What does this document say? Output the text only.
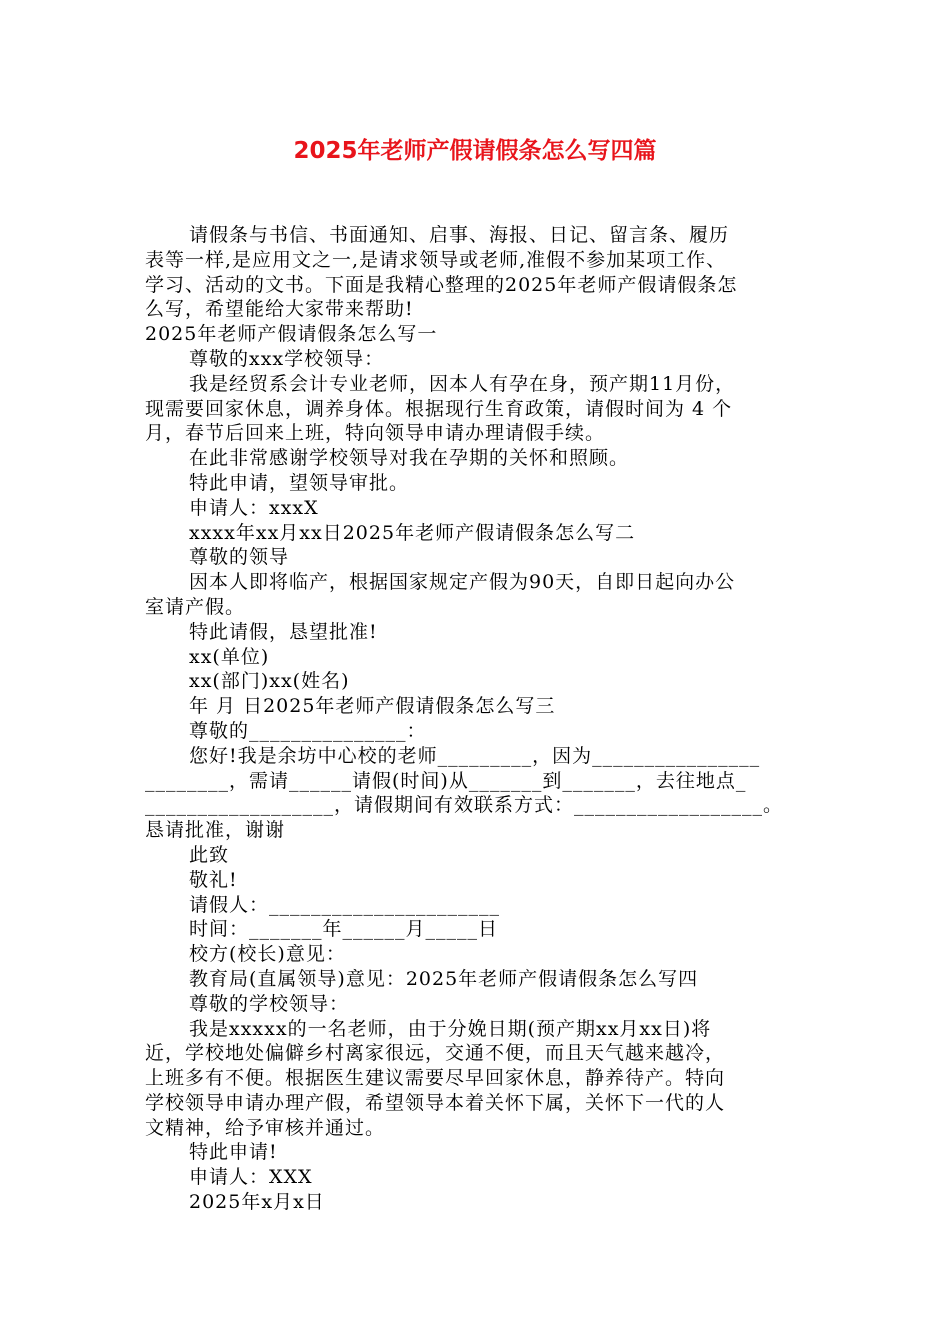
2025年老师产假请假条怎么写四篇
请假条与书信、书面通知、启事、海报、日记、留言条、履历
表等一样,是应用文之一,是请求领导或老师,准假不参加某项工作、
学习、活动的文书。下面是我精心整理的2025年老师产假请假条怎
么写，希望能给大家带来帮助!
2025年老师产假请假条怎么写一
尊敬的xxx学校领导：
我是经贸系会计专业老师，因本人有孕在身，预产期11月份，
现需要回家休息，调养身体。根据现行生育政策，请假时间为 4 个
月，春节后回来上班，特向领导申请办理请假手续。
在此非常感谢学校领导对我在孕期的关怀和照顾。
特此申请，望领导审批。
申请人：xxxX
xxxx年xx月xx日2025年老师产假请假条怎么写二
尊敬的领导
因本人即将临产，根据国家规定产假为90天，自即日起向办公
室请产假。
特此请假，恳望批准!
xx(单位)
xx(部门)xx(姓名)
年 月 日2025年老师产假请假条怎么写三
尊敬的_______________：
您好!我是余坊中心校的老师_________，因为________________
________，需请______请假(时间)从_______到_______，去往地点_
__________________，请假期间有效联系方式：__________________。
恳请批准，谢谢
此致
敬礼!
请假人：______________________
时间：_______年______月_____日
校方(校长)意见：
教育局(直属领导)意见：2025年老师产假请假条怎么写四
尊敬的学校领导：
我是xxxxx的一名老师，由于分娩日期(预产期xx月xx日)将
近，学校地处偏僻乡村离家很远，交通不便，而且天气越来越冷，
上班多有不便。根据医生建议需要尽早回家休息，静养待产。特向
学校领导申请办理产假，希望领导本着关怀下属，关怀下一代的人
文精神，给予审核并通过。
特此申请!
申请人：XXX
2025年x月x日
